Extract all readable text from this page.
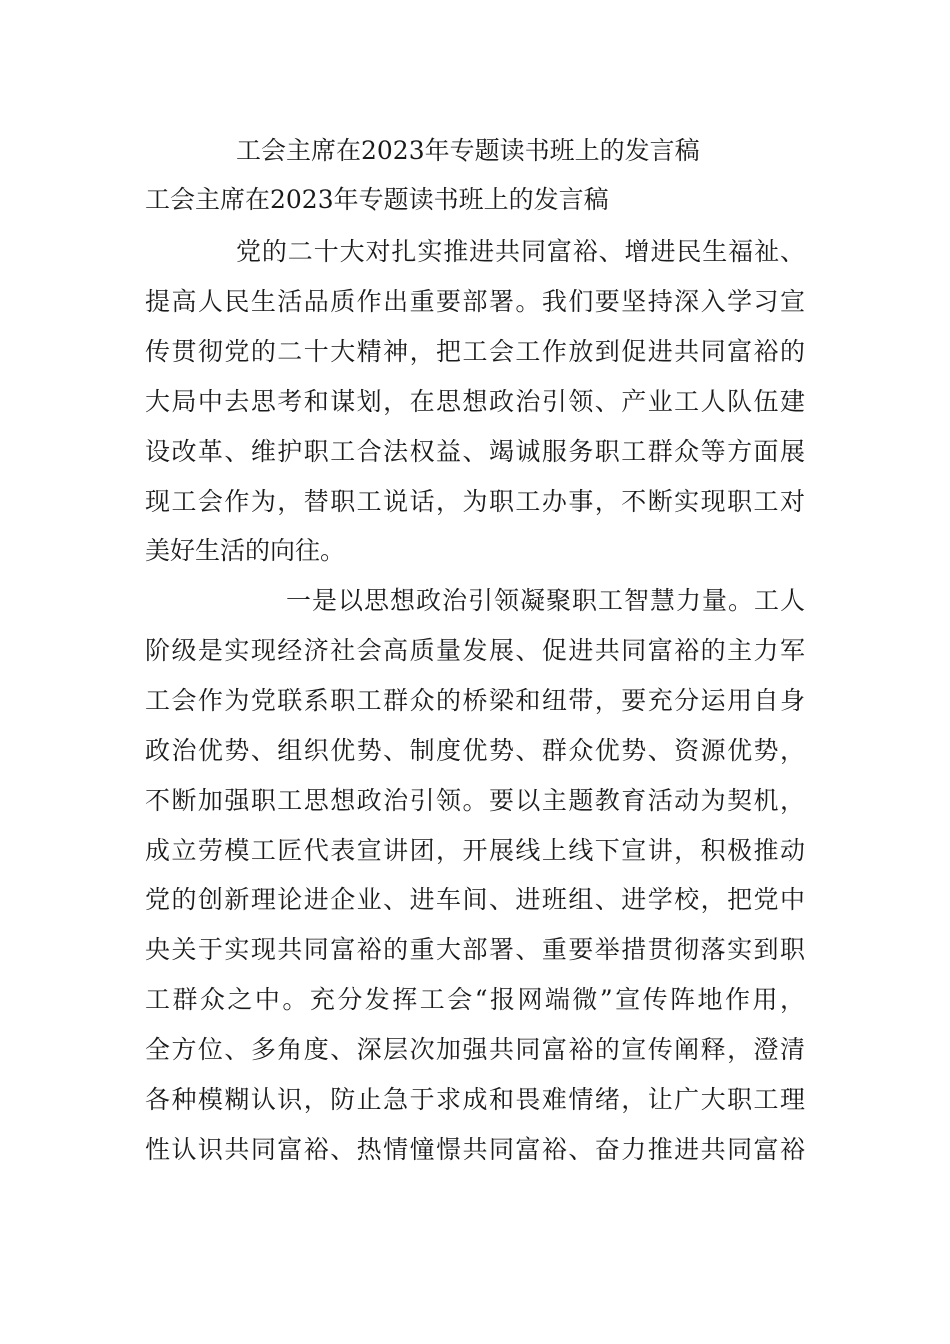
工会主席在2023年专题读书班上的发言稿
工会主席在2023年专题读书班上的发言稿

党的二十大对扎实推进共同富裕、增进民生福祉、

提高人民生活品质作出重要部署。我们要坚持深入学习宣

传贯彻党的二十大精神，把工会工作放到促进共同富裕的

大局中去思考和谋划，在思想政治引领、产业工人队伍建

设改革、维护职工合法权益、竭诚服务职工群众等方面展

现工会作为，替职工说话，为职工办事，不断实现职工对

美好生活的向往。

一是以思想政治引领凝聚职工智慧力量。工人

阶级是实现经济社会高质量发展、促进共同富裕的主力军

工会作为党联系职工群众的桥梁和纽带，要充分运用自身

政治优势、组织优势、制度优势、群众优势、资源优势，

不断加强职工思想政治引领。要以主题教育活动为契机，

成立劳模工匠代表宣讲团，开展线上线下宣讲，积极推动

党的创新理论进企业、进车间、进班组、进学校，把党中

央关于实现共同富裕的重大部署、重要举措贯彻落实到职

工群众之中。充分发挥工会“报网端微”宣传阵地作用，

全方位、多角度、深层次加强共同富裕的宣传阐释，澄清

各种模糊认识，防止急于求成和畏难情绪，让广大职工理

性认识共同富裕、热情憧憬共同富裕、奋力推进共同富裕
